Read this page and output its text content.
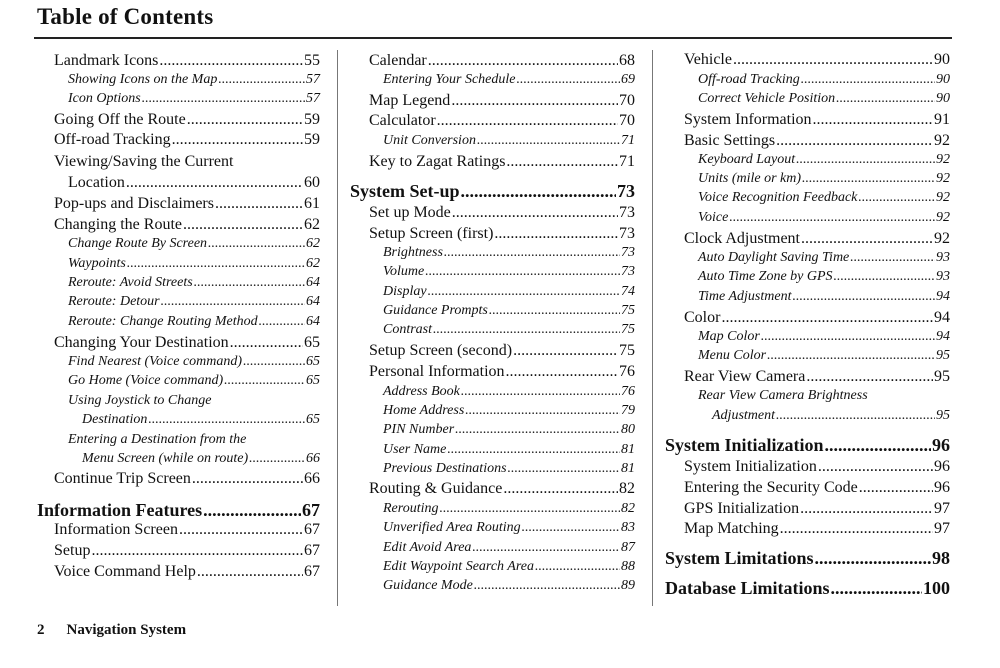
Table of Contents
Landmark Icons .....	55
Showing Icons on the Map .....	57
Icon Options .....	57
Going Off the Route .....	59
Off-road Tracking .....	59
Viewing/Saving the Current
Location .....	60
Pop-ups and Disclaimers .....	61
Changing the Route .....	62
Change Route By Screen .....	62
Waypoints .....	62
Reroute: Avoid Streets .....	64
Reroute: Detour .....	64
Reroute: Change Routing Method .....	64
Changing Your Destination .....	65
Find Nearest (Voice command) .....	65
Go Home (Voice command) .....	65
Using Joystick to Change
Destination .....	65
Entering a Destination from the
Menu Screen (while on route) .....	66
Continue Trip Screen .....	66
Information Features .....	67
Information Screen .....	67
Setup .....	67
Voice Command Help .....	67
Calendar .....	68
Entering Your Schedule .....	69
Map Legend .....	70
Calculator .....	70
Unit Conversion .....	71
Key to Zagat Ratings .....	71
System Set-up .....	73
Set up Mode .....	73
Setup Screen (first) .....	73
Brightness .....	73
Volume .....	73
Display .....	74
Guidance Prompts .....	75
Contrast .....	75
Setup Screen (second) .....	75
Personal Information .....	76
Address Book .....	76
Home Address .....	79
PIN Number .....	80
User Name .....	81
Previous Destinations .....	81
Routing & Guidance .....	82
Rerouting .....	82
Unverified Area Routing .....	83
Edit Avoid Area .....	87
Edit Waypoint Search Area .....	88
Guidance Mode .....	89
Vehicle .....	90
Off-road Tracking .....	90
Correct Vehicle Position .....	90
System Information .....	91
Basic Settings .....	92
Keyboard Layout .....	92
Units (mile or km) .....	92
Voice Recognition Feedback .....	92
Voice .....	92
Clock Adjustment .....	92
Auto Daylight Saving Time .....	93
Auto Time Zone by GPS .....	93
Time Adjustment .....	94
Color .....	94
Map Color .....	94
Menu Color .....	95
Rear View Camera .....	95
Rear View Camera Brightness
Adjustment .....	95
System Initialization .....	96
System Initialization .....	96
Entering the Security Code .....	96
GPS Initialization .....	97
Map Matching .....	97
System Limitations .....	98
Database Limitations .....	100
2 Navigation System
